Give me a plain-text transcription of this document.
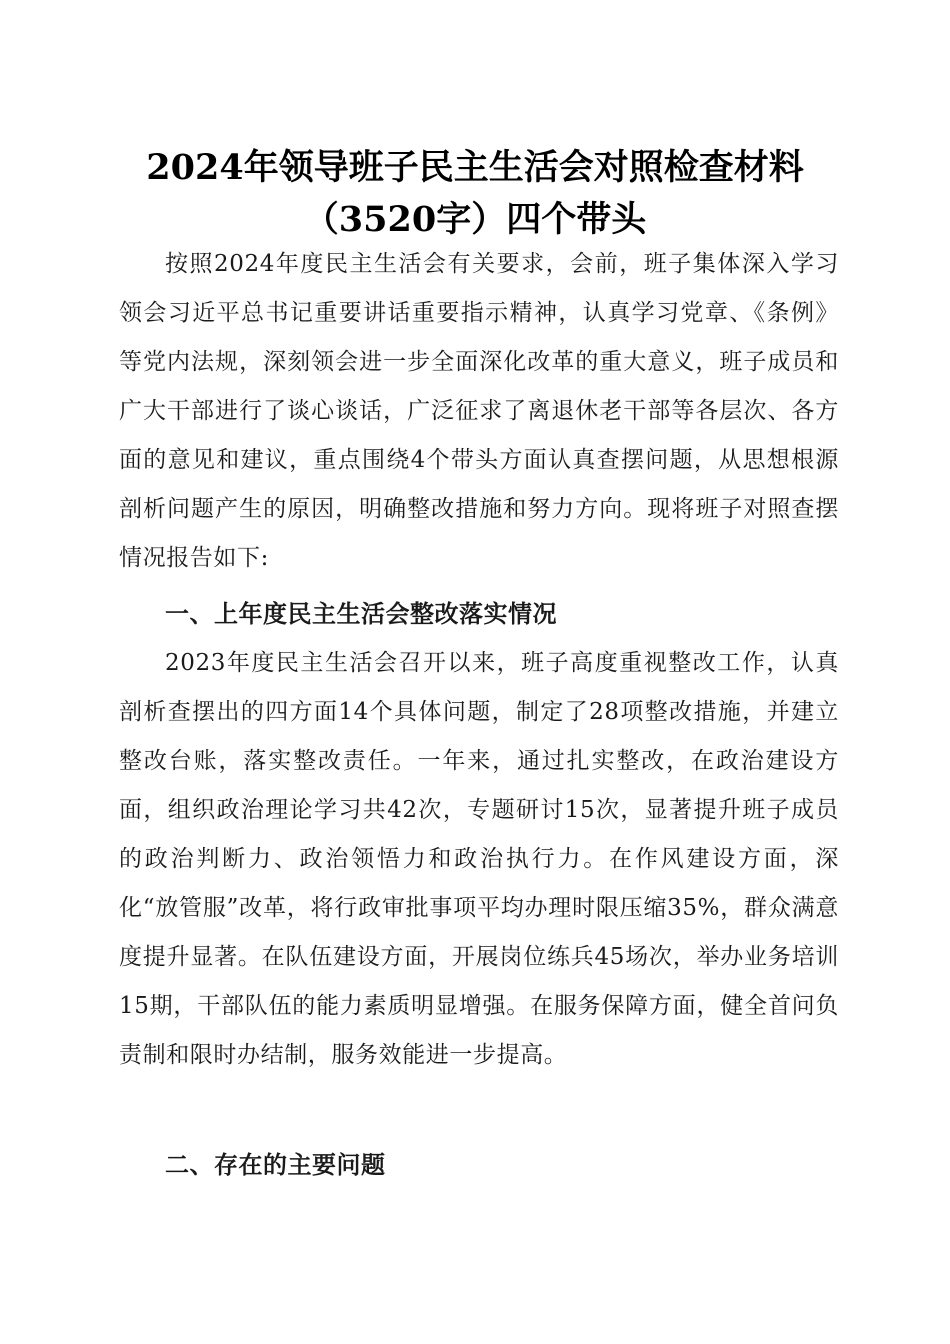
2024年领导班子民主生活会对照检查材料
（3520字）四个带头

按照2024年度民主生活会有关要求，会前，班子集体深入学习领会习近平总书记重要讲话重要指示精神，认真学习党章、《条例》等党内法规，深刻领会进一步全面深化改革的重大意义，班子成员和广大干部进行了谈心谈话，广泛征求了离退休老干部等各层次、各方面的意见和建议，重点围绕4个带头方面认真查摆问题，从思想根源剖析问题产生的原因，明确整改措施和努力方向。现将班子对照查摆情况报告如下:

一、上年度民主生活会整改落实情况

2023年度民主生活会召开以来，班子高度重视整改工作，认真剖析查摆出的四方面14个具体问题，制定了28项整改措施，并建立整改台账，落实整改责任。一年来，通过扎实整改，在政治建设方面，组织政治理论学习共42次，专题研讨15次，显著提升班子成员的政治判断力、政治领悟力和政治执行力。在作风建设方面，深化“放管服”改革，将行政审批事项平均办理时限压缩35%，群众满意度提升显著。在队伍建设方面，开展岗位练兵45场次，举办业务培训15期，干部队伍的能力素质明显增强。在服务保障方面，健全首问负责制和限时办结制，服务效能进一步提高。

二、存在的主要问题
